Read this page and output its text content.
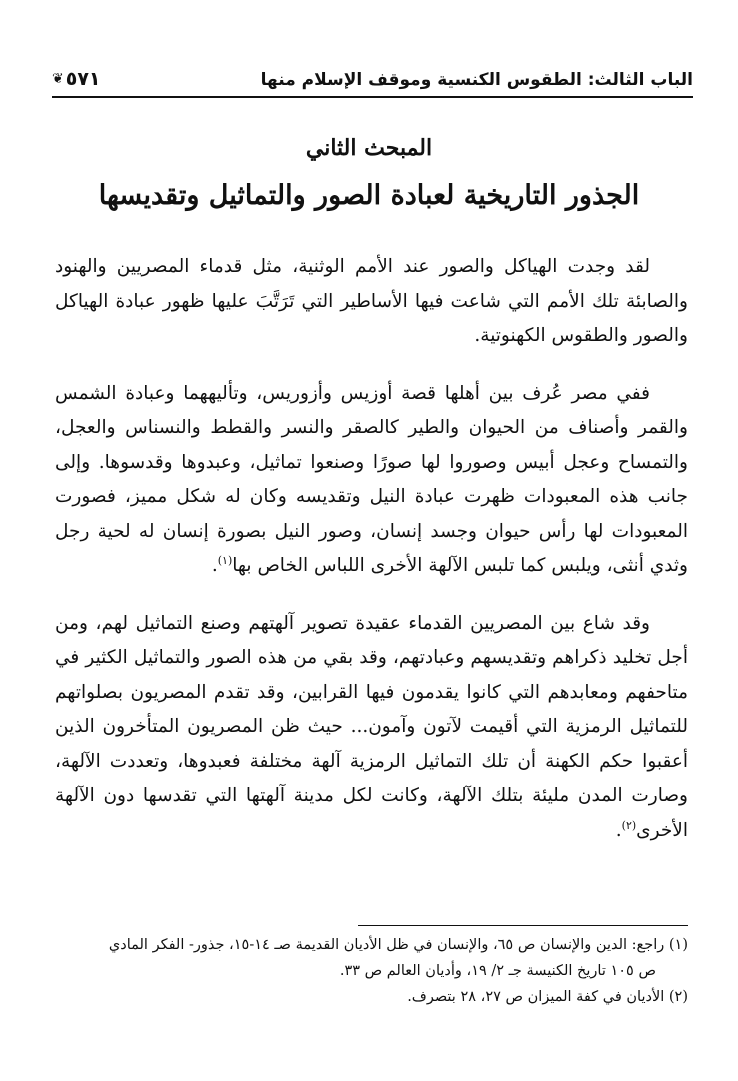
الباب الثالث: الطقوس الكنسية وموقف الإسلام منها
٥٧١
❦
المبحث الثاني
الجذور التاريخية لعبادة الصور والتماثيل وتقديسها

لقد وجدت الهياكل والصور عند الأمم الوثنية، مثل قدماء المصريين والهنود والصابئة تلك الأمم التي شاعت فيها الأساطير التي تَرَتَّبَ عليها ظهور عبادة الهياكل والصور والطقوس الكهنوتية.

ففي مصر عُرف بين أهلها قصة أوزيس وأزوريس، وتأليههما وعبادة الشمس والقمر وأصناف من الحيوان والطير كالصقر والنسر والقطط والنسناس والعجل، والتمساح وعجل أبيس وصوروا لها صورًا وصنعوا تماثيل، وعبدوها وقدسوها. وإلى جانب هذه المعبودات ظهرت عبادة النيل وتقديسه وكان له شكل مميز، فصورت المعبودات لها رأس حيوان وجسد إنسان، وصور النيل بصورة إنسان له لحية رجل وثدي أنثى، ويلبس كما تلبس الآلهة الأخرى اللباس الخاص بها$^{(١)}$.

وقد شاع بين المصريين القدماء عقيدة تصوير آلهتهم وصنع التماثيل لهم، ومن أجل تخليد ذكراهم وتقديسهم وعبادتهم، وقد بقي من هذه الصور والتماثيل الكثير في متاحفهم ومعابدهم التي كانوا يقدمون فيها القرابين، وقد تقدم المصريون بصلواتهم للتماثيل الرمزية التي أقيمت لآتون وآمون... حيث ظن المصريون المتأخرون الذين أعقبوا حكم الكهنة أن تلك التماثيل الرمزية آلهة مختلفة فعبدوها، وتعددت الآلهة، وصارت المدن مليئة بتلك الآلهة، وكانت لكل مدينة آلهتها التي تقدسها دون الآلهة الأخرى$^{(٢)}$.

(١) راجع: الدين والإنسان ص ٦٥، والإنسان في ظل الأديان القديمة صـ ١٤-١٥، جذور- الفكر المادي
ص ١٠٥ تاريخ الكنيسة جـ ٢/ ١٩، وأديان العالم ص ٣٣.
(٢) الأديان في كفة الميزان ص ٢٧، ٢٨ بتصرف.
